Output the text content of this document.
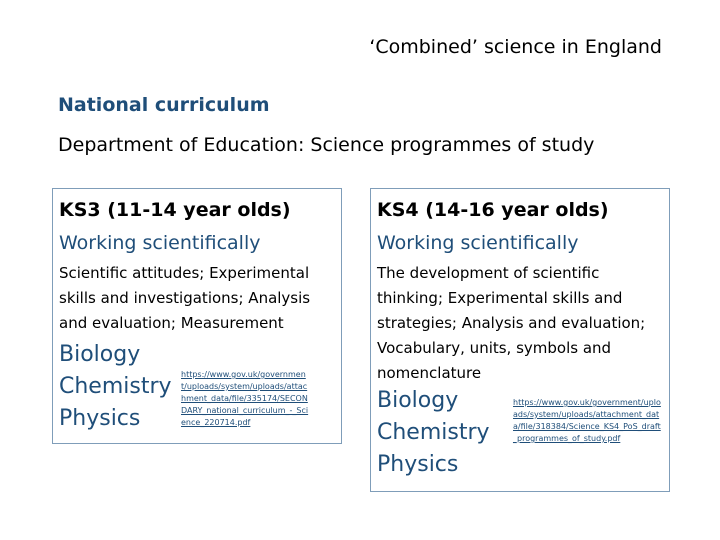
‘Combined’ science in England
National curriculum
Department of Education: Science programmes of study
KS3 (11-14 year olds)
Working scientifically
Scientific attitudes; Experimental skills and investigations; Analysis and evaluation; Measurement
Biology
Chemistry
Physics
https://www.gov.uk/government/uploads/system/uploads/attachment_data/file/335174/SECONDARY_national_curriculum_-_Science_220714.pdf
KS4 (14-16 year olds)
Working scientifically
The development of scientific thinking; Experimental skills and strategies; Analysis and evaluation; Vocabulary, units, symbols and nomenclature
Biology
Chemistry
Physics
https://www.gov.uk/government/uploads/system/uploads/attachment_data/file/318384/Science_KS4_PoS_draft_programmes_of_study.pdf
